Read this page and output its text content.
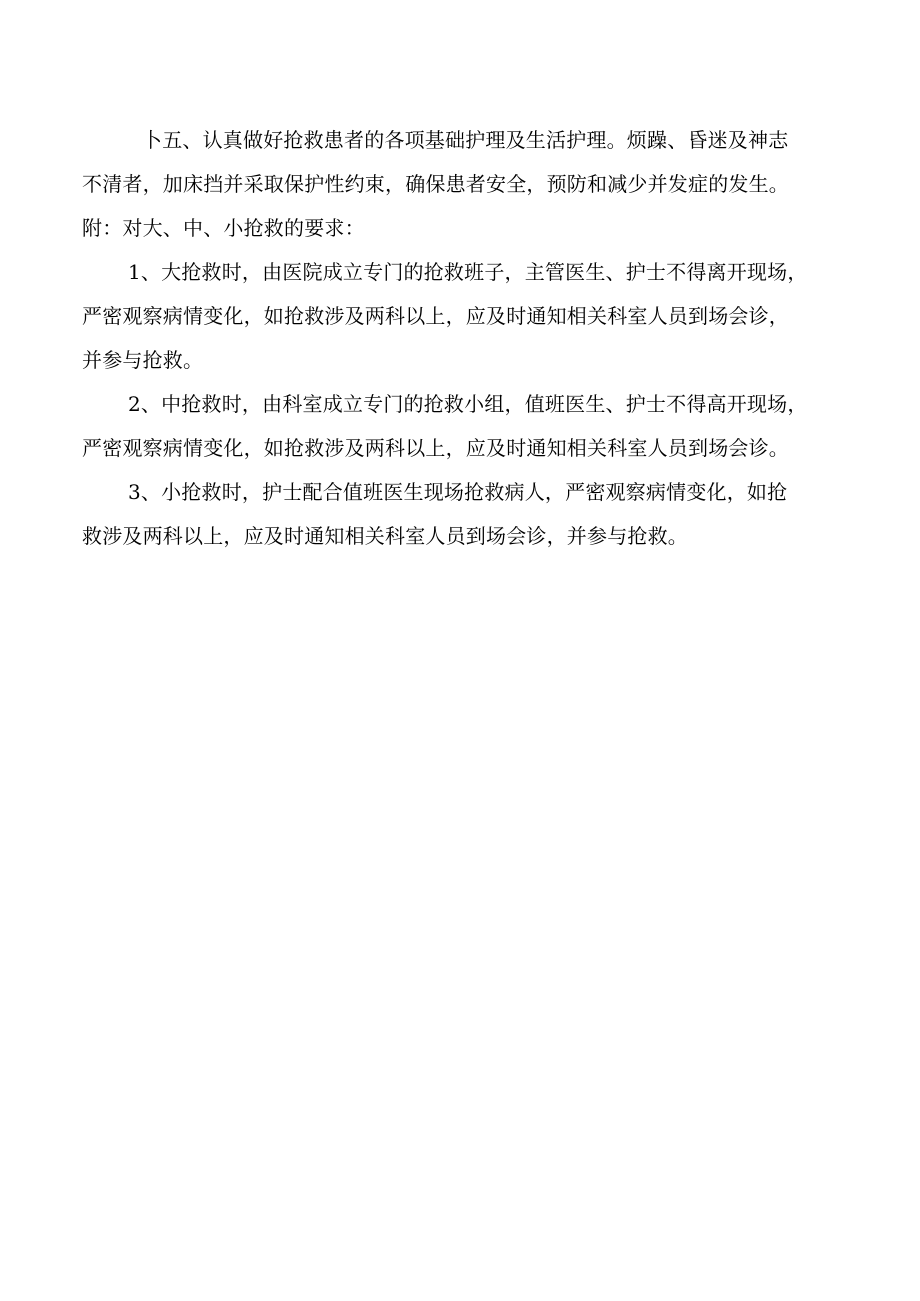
卜五、认真做好抢救患者的各项基础护理及生活护理。烦躁、昏迷及神志
不清者，加床挡并采取保护性约束，确保患者安全，预防和减少并发症的发生。
附：对大、中、小抢救的要求：
1、大抢救时，由医院成立专门的抢救班子，主管医生、护士不得离开现场，
严密观察病情变化，如抢救涉及两科以上，应及时通知相关科室人员到场会诊，
并参与抢救。
2、中抢救时，由科室成立专门的抢救小组，值班医生、护士不得高开现场，
严密观察病情变化，如抢救涉及两科以上，应及时通知相关科室人员到场会诊。
3、小抢救时，护士配合值班医生现场抢救病人，严密观察病情变化，如抢
救涉及两科以上，应及时通知相关科室人员到场会诊，并参与抢救。
